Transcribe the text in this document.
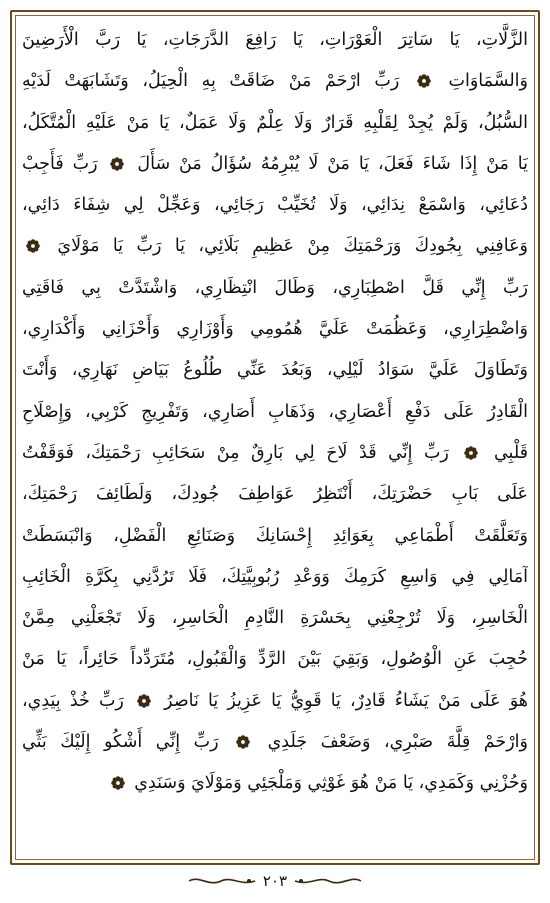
الزَّلَّاتِ، يَا سَاتِرَ الْعَوْرَاتِ، يَا رَافِعَ الدَّرَجَاتِ، يَا رَبَّ الْأَرَضِينَ
وَالسَّمَاوَاتِ  رَبِّ ارْحَمْ مَنْ ضَاقَتْ بِهِ الْحِيَلُ، وَتَشَابَهَتْ لَدَيْهِ
السُّبُلُ، وَلَمْ يُجِدْ لِقَلْبِهِ قَرَارٌ وَلَا عِلْمٌ وَلَا عَمَلٌ، يَا مَنْ عَلَيْهِ الْمُتَّكَلُ،
يَا مَنْ إِذَا شَاءَ فَعَلَ، يَا مَنْ لَا يُبْرِمُهُ سُؤَالُ مَنْ سَأَلَ  رَبِّ فَأَجِبْ
دُعَائِي، وَاسْمَعْ نِدَائِي، وَلَا تُخَيِّبْ رَجَائِي، وَعَجِّلْ لِي شِفَاءَ دَائِي،
وَعَافِنِي بِجُودِكَ وَرَحْمَتِكَ مِنْ عَظِيمِ بَلَائِي، يَا رَبِّ يَا مَوْلَايَ
رَبِّ إِنِّي قَلَّ اصْطِبَارِي، وَطَالَ انْتِظَارِي، وَاشْتَدَّتْ بِي فَاقَتِي
وَاضْطِرَارِي، وَعَظُمَتْ عَلَيَّ هُمُومِي وَأَوْزَارِي وَأَحْزَانِي وَأَكْدَارِي،
وَتَطَاوَلَ عَلَيَّ سَوَادُ لَيْلِي، وَبَعُدَ عَنِّي طُلُوعُ بَيَاضِ نَهَارِي، وَأَنْتَ
الْقَادِرُ عَلَى دَفْعِ أَعْصَارِي، وَذَهَابِ أَصَارِي، وَتَفْرِيجِ كَرْبِي، وَإِصْلَاحِ
قَلْبِي  رَبِّ إِنِّي قَدْ لَاحَ لِي بَارِقٌ مِنْ سَحَائِبِ رَحْمَتِكَ، فَوَقَفْتُ
عَلَى بَابِ حَضْرَتِكَ، أَنْتَظِرُ عَوَاطِفَ جُودِكَ، وَلَطَائِفَ رَحْمَتِكَ،
وَتَعَلَّقَتْ أَطْمَاعِي بِعَوَائِدِ إِحْسَانِكَ وَصَنَائِعِ الْفَضْلِ، وَانْبَسَطَتْ
آمَالِي فِي وَاسِعِ كَرَمِكَ وَوَعْدِ رُبُوبِيَّتِكَ، فَلَا تَرُدَّنِي بِكَرَّةِ الْخَائِبِ
الْخَاسِرِ، وَلَا تُرْجِعْنِي بِحَسْرَةِ النَّادِمِ الْحَاسِرِ، وَلَا تَجْعَلْنِي مِمَّنْ
حُجِبَ عَنِ الْوُصُولِ، وَبَقِيَ بَيْنَ الرَّدِّ وَالْقَبُولِ، مُتَرَدِّداً حَائِراً، يَا مَنْ
هُوَ عَلَى مَنْ يَشَاءُ قَادِرٌ، يَا قَوِيُّ يَا عَزِيزُ يَا نَاصِرُ  رَبِّ خُذْ بِيَدِي،
وَارْحَمْ قِلَّةَ صَبْرِي، وَضَعْفَ جَلَدِي  رَبِّ إِنِّي أَشْكُو إِلَيْكَ بَثِّي
وَحُزْنِي وَكَمَدِي، يَا مَنْ هُوَ غَوْثِي وَمَلْجَئِي وَمَوْلَايَ وَسَنَدِي
٢٠٣
